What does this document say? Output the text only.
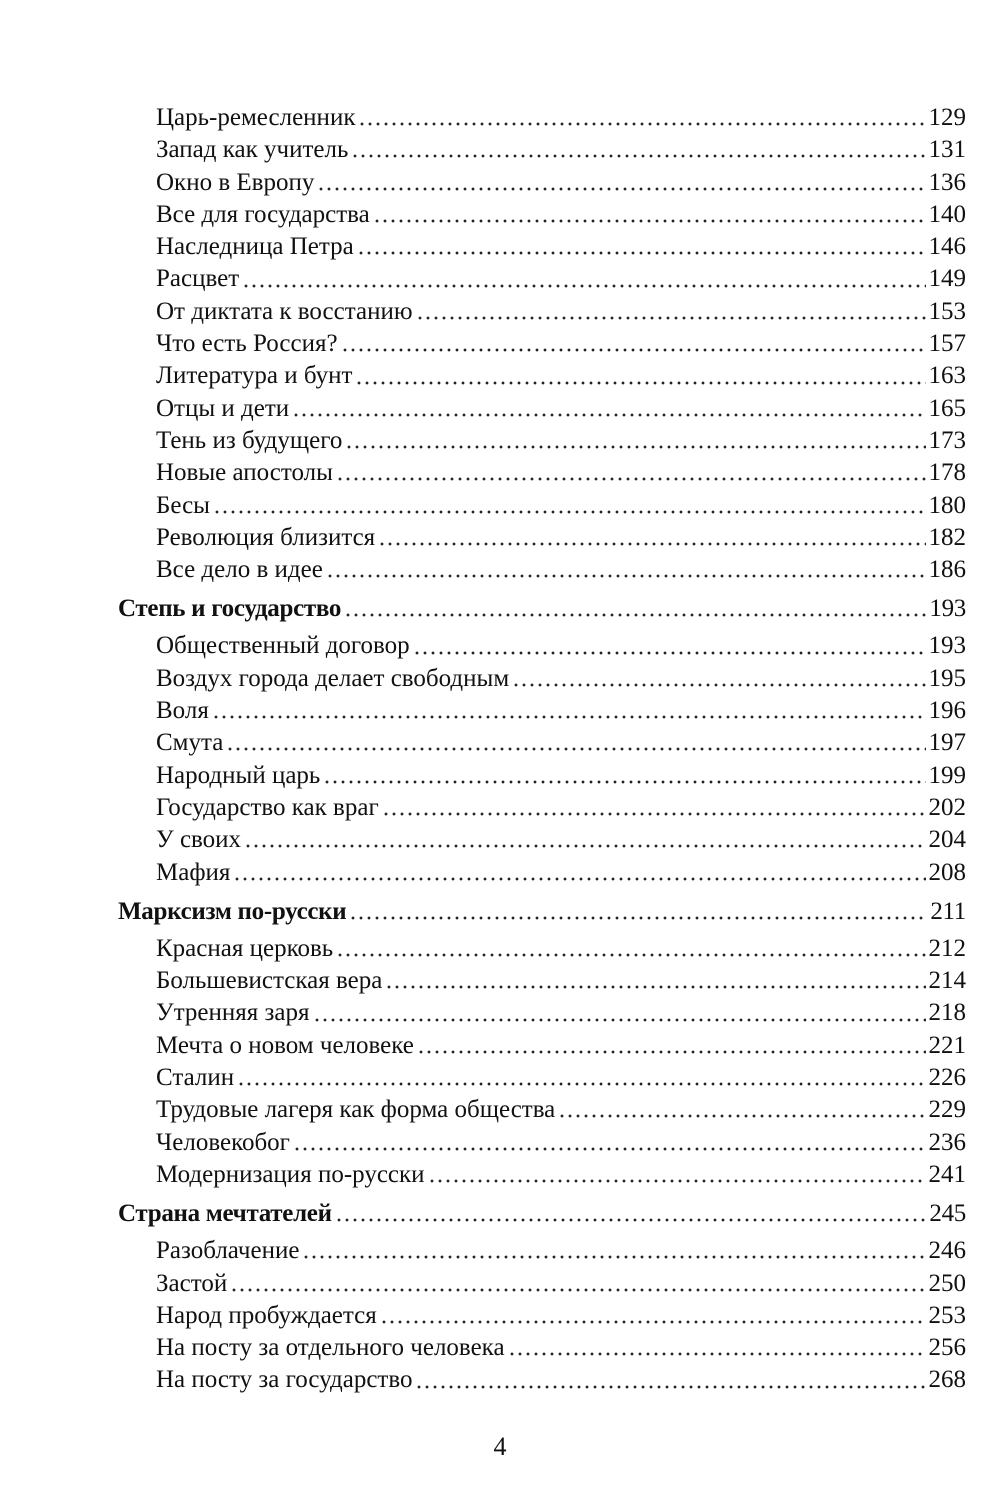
Царь-ремесленник	129
Запад как учитель	131
Окно в Европу	136
Все для государства	140
Наследница Петра	146
Расцвет	149
От диктата к восстанию	153
Что есть Россия?	157
Литература и бунт	163
Отцы и дети	165
Тень из будущего	173
Новые апостолы	178
Бесы	180
Революция близится	182
Все дело в идее	186
Степь и государство	193
Общественный договор	193
Воздух города делает свободным	195
Воля	196
Смута	197
Народный царь	199
Государство как враг	202
У своих	204
Мафия	208
Марксизм по-русски	211
Красная церковь	212
Большевистская вера	214
Утренняя заря	218
Мечта о новом человеке	221
Сталин	226
Трудовые лагеря как форма общества	229
Человекобог	236
Модернизация по-русски	241
Страна мечтателей	245
Разоблачение	246
Застой	250
Народ пробуждается	253
На посту за отдельного человека	256
На посту за государство	268
4
